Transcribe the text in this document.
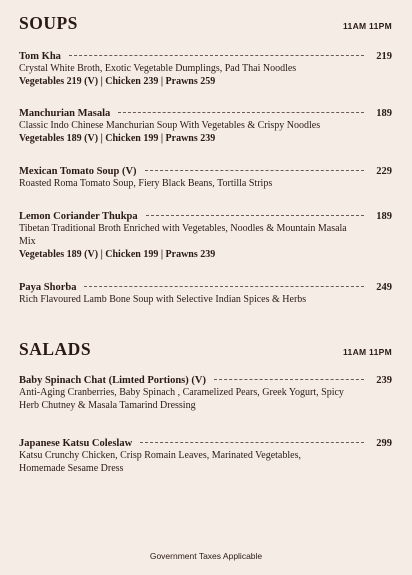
SOUPS	11AM 11PM
Tom Kha	219
Crystal White Broth, Exotic Vegetable Dumplings, Pad Thai Noodles
Vegetables 219 (V) | Chicken 239 | Prawns 259
Manchurian Masala	189
Classic Indo Chinese Manchurian Soup With Vegetables & Crispy Noodles
Vegetables 189 (V) | Chicken 199 | Prawns 239
Mexican Tomato Soup (V)	229
Roasted Roma Tomato Soup, Fiery Black Beans, Tortilla Strips
Lemon Coriander Thukpa	189
Tibetan Traditional Broth Enriched with Vegetables, Noodles & Mountain Masala Mix
Vegetables 189 (V) | Chicken 199 | Prawns 239
Paya Shorba	249
Rich Flavoured Lamb Bone Soup with Selective Indian Spices & Herbs
SALADS	11AM 11PM
Baby Spinach Chat (Limted Portions) (V)	239
Anti-Aging Cranberries, Baby Spinach , Caramelized Pears, Greek Yogurt, Spicy Herb Chutney & Masala Tamarind Dressing
Japanese Katsu Coleslaw	299
Katsu Crunchy Chicken, Crisp Romain Leaves, Marinated Vegetables, Homemade Sesame Dress
Government Taxes Applicable
